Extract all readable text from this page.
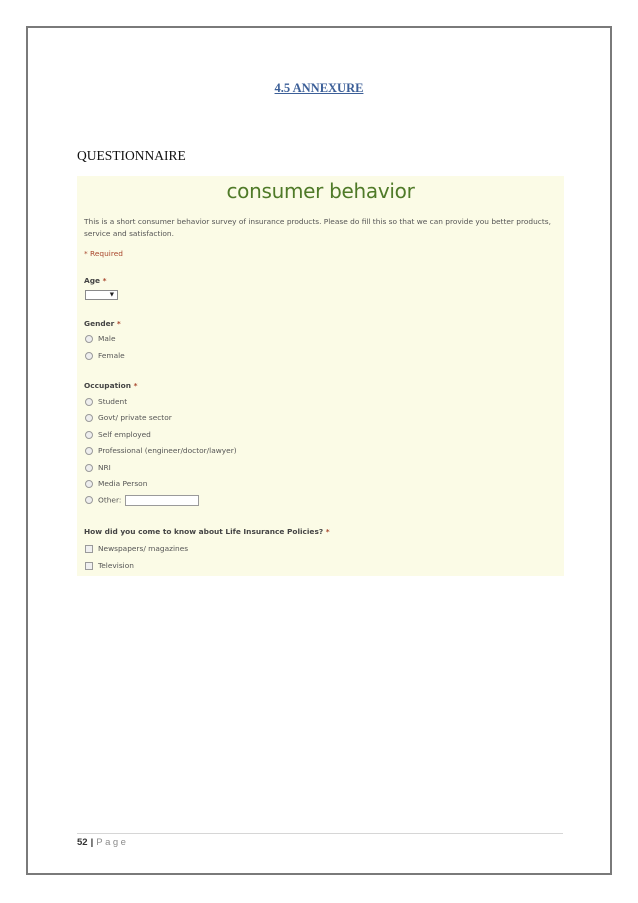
4.5 ANNEXURE
QUESTIONNAIRE
consumer behavior
This is a short consumer behavior survey of insurance products. Please do fill this so that we can provide you better products, service and satisfaction.
* Required
Age *
▼
Gender *
Male
Female
Occupation *
Student
Govt/ private sector
Self employed
Professional (engineer/doctor/lawyer)
NRI
Media Person
Other:
How did you come to know about Life Insurance Policies? *
Newspapers/ magazines
Television
52 | Page
